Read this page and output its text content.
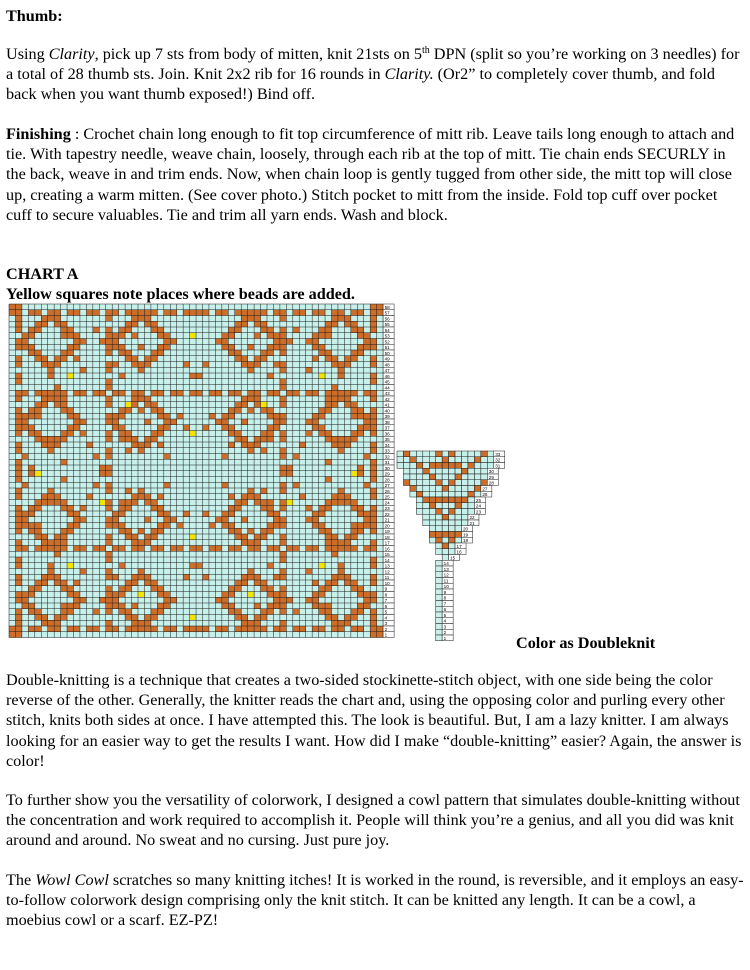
Thumb:

Using Clarity, pick up 7 sts from body of mitten, knit 21sts on 5th DPN (split so you’re working on 3 needles) for a total of 28 thumb sts. Join. Knit 2x2 rib for 16 rounds in Clarity. (Or2” to completely cover thumb, and fold back when you want thumb exposed!) Bind off.

Finishing : Crochet chain long enough to fit top circumference of mitt rib. Leave tails long enough to attach and tie. With tapestry needle, weave chain, loosely, through each rib at the top of mitt. Tie chain ends SECURLY in the back, weave in and trim ends. Now, when chain loop is gently tugged from other side, the mitt top will close up, creating a warm mitten. (See cover photo.) Stitch pocket to mitt from the inside. Fold top cuff over pocket cuff to secure valuables. Tie and trim all yarn ends. Wash and block.

CHART A
Yellow squares note places where beads are added.
58
57
56
55
54
53
52
51
50
49
48
47
46
45
44
43
42
41
40
39
38
37
36
35
34
33
32
31
30
29
28
27
26
25
24
23
22
21
20
19
18
17
16
15
14
13
12
11
10
9
8
7
6
5
4
3
2
1
33
32
31
30
29
28
27
26
25
24
23
22
21
20
19
18
17
16
15
14
13
12
11
10
9
8
7
6
5
4
3
2
1	Color as Doubleknit

Double-knitting is a technique that creates a two-sided stockinette-stitch object, with one side being the color reverse of the other. Generally, the knitter reads the chart and, using the opposing color and purling every other stitch, knits both sides at once. I have attempted this. The look is beautiful. But, I am a lazy knitter. I am always looking for an easier way to get the results I want. How did I make “double-knitting” easier? Again, the answer is color!

To further show you the versatility of colorwork, I designed a cowl pattern that simulates double-knitting without the concentration and work required to accomplish it. People will think you’re a genius, and all you did was knit around and around. No sweat and no cursing. Just pure joy.

The Wowl Cowl scratches so many knitting itches! It is worked in the round, is reversible, and it employs an easy-to-follow colorwork design comprising only the knit stitch. It can be knitted any length. It can be a cowl, a moebius cowl or a scarf. EZ-PZ!
